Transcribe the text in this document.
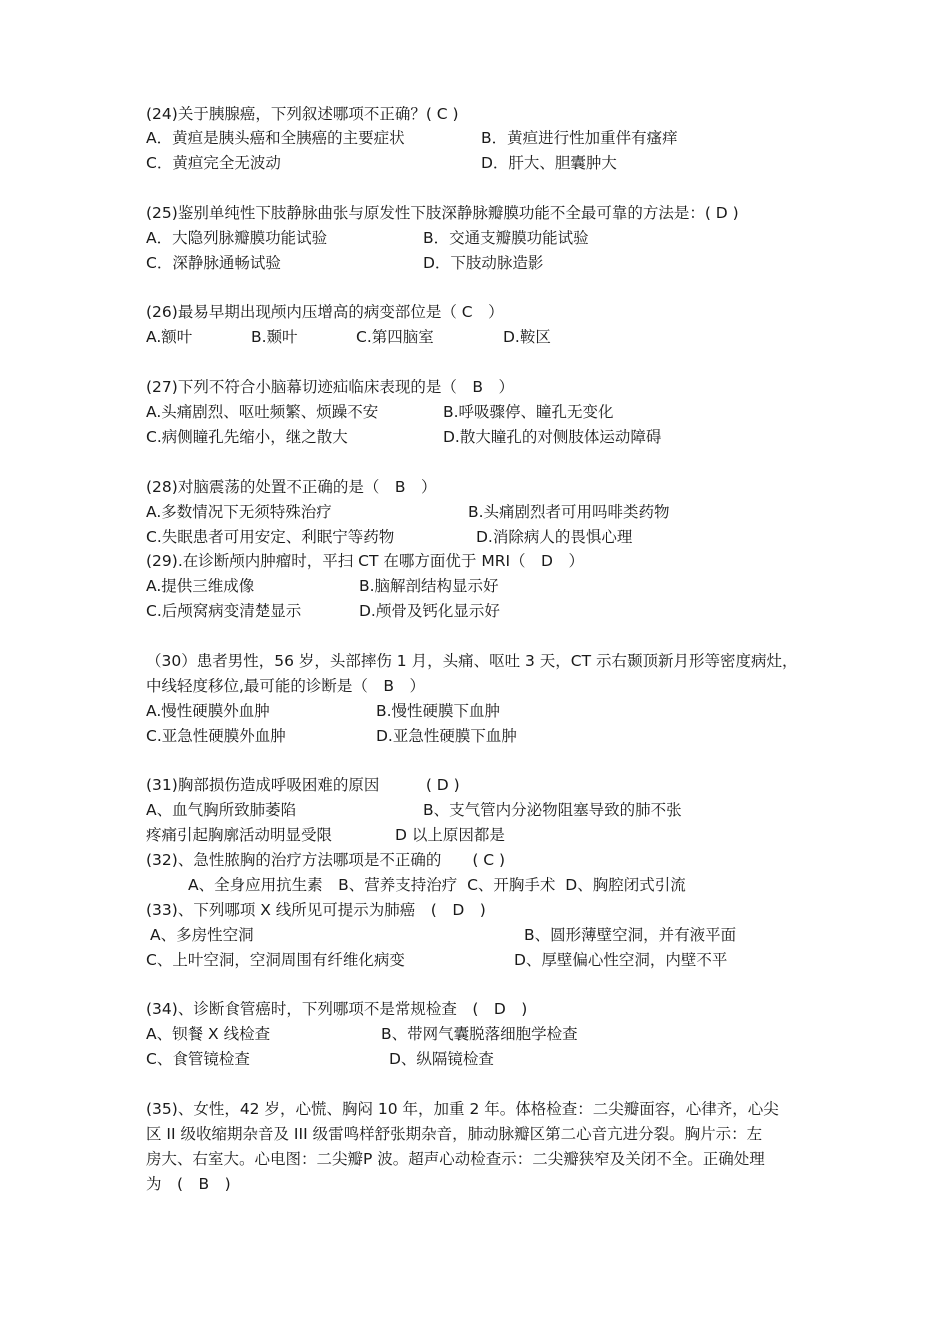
(24)关于胰腺癌，下列叙述哪项不正确？( C )
A．黄疸是胰头癌和全胰癌的主要症状	B．黄疸进行性加重伴有瘙痒
C．黄疸完全无波动	D．肝大、胆囊肿大
(25)鉴别单纯性下肢静脉曲张与原发性下肢深静脉瓣膜功能不全最可靠的方法是：( D )
A．大隐列脉瓣膜功能试验	B．交通支瓣膜功能试验
C．深静脉通畅试验	D．下肢动脉造影
(26)最易早期出现颅内压增高的病变部位是（ C　）
A.额叶	B.颞叶	C.第四脑室	D.鞍区
(27)下列不符合小脑幕切迹疝临床表现的是（　B　）
A.头痛剧烈、呕吐频繁、烦躁不安	B.呼吸骤停、瞳孔无变化
C.病侧瞳孔先缩小，继之散大	D.散大瞳孔的对侧肢体运动障碍
(28)对脑震荡的处置不正确的是（　B　）
A.多数情况下无须特殊治疗	B.头痛剧烈者可用吗啡类药物
C.失眠患者可用安定、利眠宁等药物	D.消除病人的畏惧心理
(29).在诊断颅内肿瘤时，平扫 CT 在哪方面优于 MRI（　D　）
A.提供三维成像	B.脑解剖结构显示好
C.后颅窝病变清楚显示	D.颅骨及钙化显示好
（30）患者男性，56 岁，头部摔伤 1 月，头痛、呕吐 3 天，CT 示右颞顶新月形等密度病灶，
中线轻度移位,最可能的诊断是（　B　）
A.慢性硬膜外血肿	B.慢性硬膜下血肿
C.亚急性硬膜外血肿	D.亚急性硬膜下血肿
(31)胸部损伤造成呼吸困难的原因　　　( D )
A、血气胸所致肺萎陷	B、支气管内分泌物阻塞导致的肺不张
疼痛引起胸廓活动明显受限	D 以上原因都是
(32)、急性脓胸的治疗方法哪项是不正确的　　( C )
A、全身应用抗生素　B、营养支持治疗  C、开胸手术  D、胸腔闭式引流
(33)、下列哪项 X 线所见可提示为肺癌　(　D　)
A、多房性空洞	B、圆形薄壁空洞，并有液平面
C、上叶空洞，空洞周围有纤维化病变	D、厚壁偏心性空洞，内壁不平
(34)、诊断食管癌时，下列哪项不是常规检查　(　D　)
A、钡餐 X 线检查	B、带网气囊脱落细胞学检查
C、食管镜检查	D、纵隔镜检查
(35)、女性，42 岁，心慌、胸闷 10 年，加重 2 年。体格检查：二尖瓣面容，心律齐，心尖
区 II 级收缩期杂音及 III 级雷鸣样舒张期杂音，肺动脉瓣区第二心音亢进分裂。胸片示：左
房大、右室大。心电图：二尖瓣P 波。超声心动检查示：二尖瓣狭窄及关闭不全。正确处理
为　(　B　)
